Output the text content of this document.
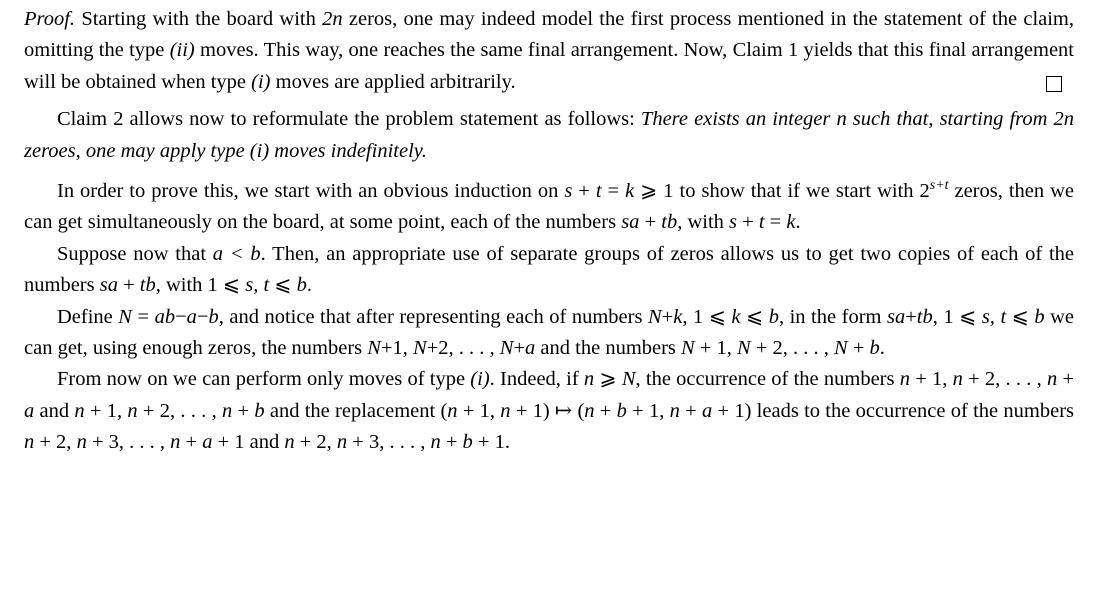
Proof. Starting with the board with 2n zeros, one may indeed model the first process mentioned in the statement of the claim, omitting the type (ii) moves. This way, one reaches the same final arrangement. Now, Claim 1 yields that this final arrangement will be obtained when type (i) moves are applied arbitrarily.

Claim 2 allows now to reformulate the problem statement as follows: There exists an integer n such that, starting from 2n zeroes, one may apply type (i) moves indefinitely.

In order to prove this, we start with an obvious induction on s + t = k ⩾ 1 to show that if we start with $2^{s+t}$ zeros, then we can get simultaneously on the board, at some point, each of the numbers sa + tb, with s + t = k.

Suppose now that a < b. Then, an appropriate use of separate groups of zeros allows us to get two copies of each of the numbers sa + tb, with 1 ⩽ s, t ⩽ b.

Define N = ab−a−b, and notice that after representing each of numbers N+k, 1 ⩽ k ⩽ b, in the form sa+tb, 1 ⩽ s, t ⩽ b we can get, using enough zeros, the numbers N+1, N+2, . . . , N+a and the numbers N + 1, N + 2, . . . , N + b.

From now on we can perform only moves of type (i). Indeed, if n ⩾ N, the occurrence of the numbers n + 1, n + 2, . . . , n + a and n + 1, n + 2, . . . , n + b and the replacement (n + 1, n + 1) ↦ (n + b + 1, n + a + 1) leads to the occurrence of the numbers n + 2, n + 3, . . . , n + a + 1 and n + 2, n + 3, . . . , n + b + 1.
